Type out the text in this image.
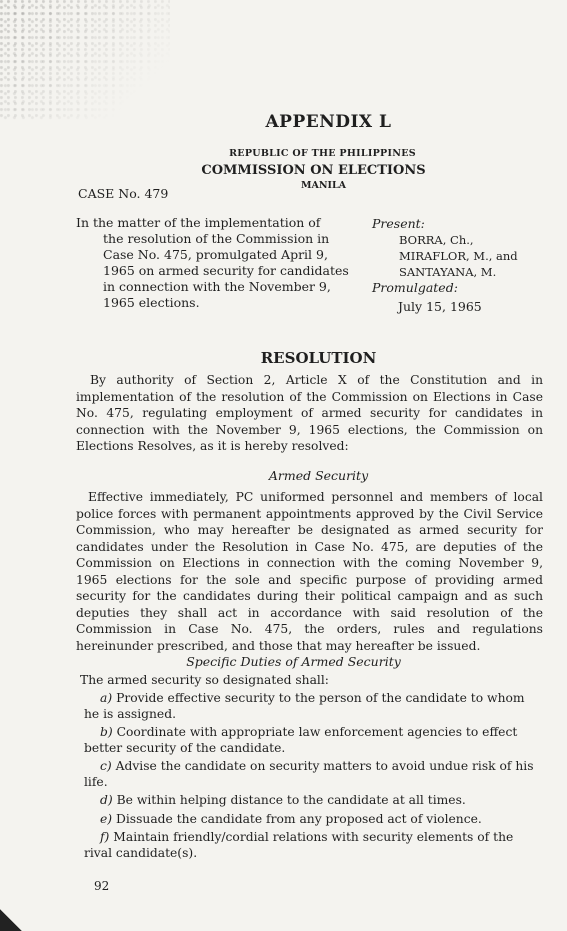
APPENDIX L
REPUBLIC OF THE PHILIPPINES
COMMISSION ON ELECTIONS
MANILA
CASE No. 479
In the matter of the implementation of
the resolution of the Commission in
Case No. 475, promulgated April 9,
1965 on armed security for candidates
in connection with the November 9,
1965 elections.
Present:
BORRA, Ch.,
MIRAFLOR, M., and
SANTAYANA, M.
Promulgated:
July 15, 1965
RESOLUTION

By authority of Section 2, Article X of the Constitution and in implementation of the resolution of the Commission on Elections in Case No. 475, regulating employment of armed security for candidates in connection with the November 9, 1965 elections, the Commission on Elections Resolves, as it is hereby resolved:

Armed Security

Effective immediately, PC uniformed personnel and members of local police forces with permanent appointments approved by the Civil Service Commission, who may hereafter be designated as armed security for candidates under the Resolution in Case No. 475, are deputies of the Commission on Elections in connection with the coming November 9, 1965 elections for the sole and specific purpose of providing armed security for the candidates during their political campaign and as such deputies they shall act in accordance with said resolution of the Commission in Case No. 475, the orders, rules and regulations hereinunder prescribed, and those that may hereafter be issued.

Specific Duties of Armed Security
The armed security so designated shall:
a) Provide effective security to the person of the candidate to whom he is assigned.
b) Coordinate with appropriate law enforcement agencies to effect better security of the candidate.
c) Advise the candidate on security matters to avoid undue risk of his life.
d) Be within helping distance to the candidate at all times.
e) Dissuade the candidate from any proposed act of violence.
f) Maintain friendly/cordial relations with security elements of the rival candidate(s).
92
